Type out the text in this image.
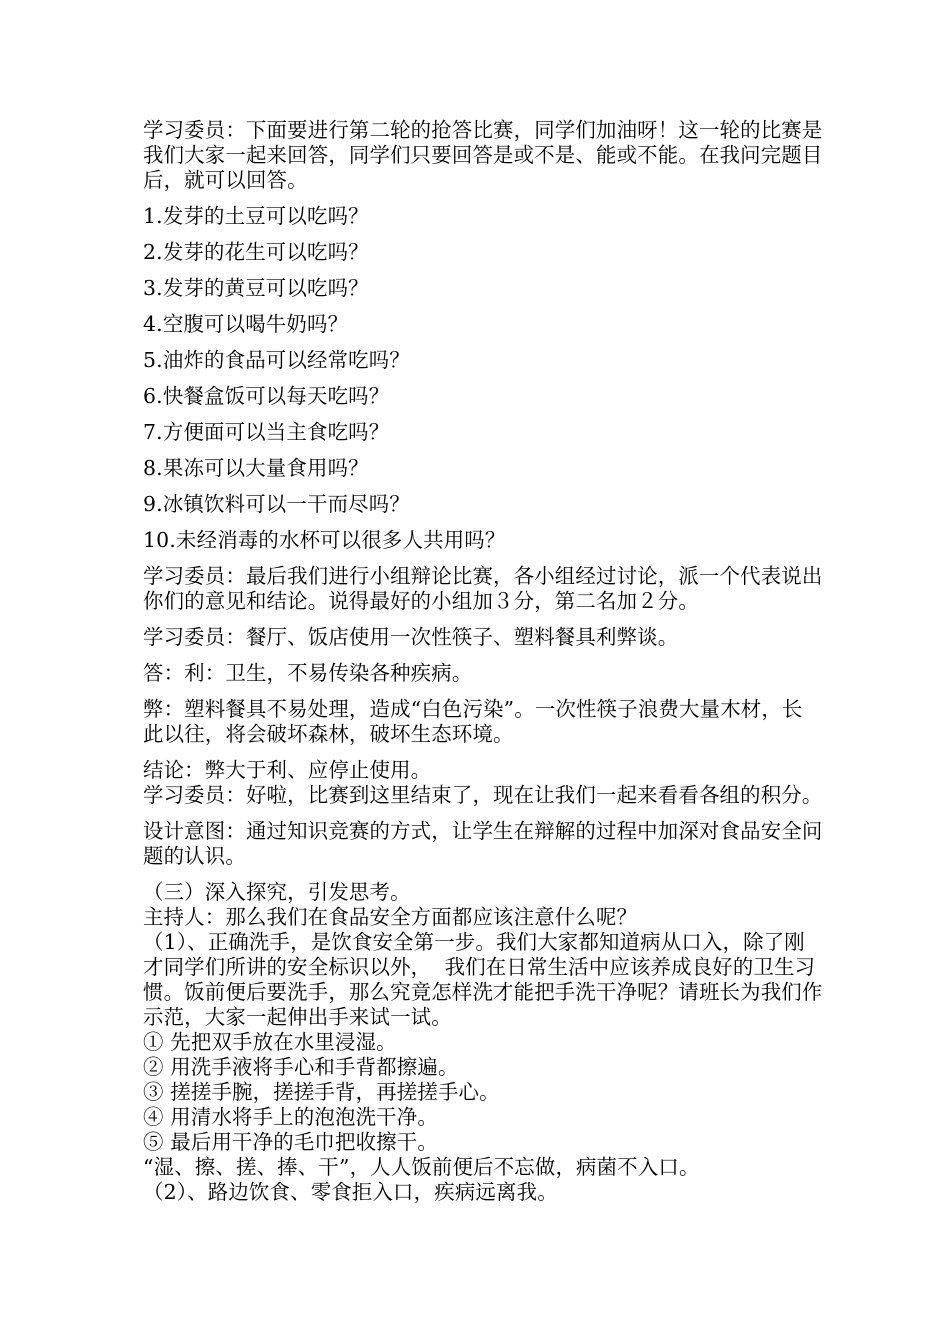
学习委员：下面要进行第二轮的抢答比赛，同学们加油呀！这一轮的比赛是我们大家一起来回答，同学们只要回答是或不是、能或不能。在我问完题目后，就可以回答。

1.发芽的土豆可以吃吗？

2.发芽的花生可以吃吗？

3.发芽的黄豆可以吃吗？

4.空腹可以喝牛奶吗？

5.油炸的食品可以经常吃吗？

6.快餐盒饭可以每天吃吗？

7.方便面可以当主食吃吗？

8.果冻可以大量食用吗？

9.冰镇饮料可以一干而尽吗？

10.未经消毒的水杯可以很多人共用吗？

学习委员：最后我们进行小组辩论比赛，各小组经过讨论，派一个代表说出你们的意见和结论。说得最好的小组加３分，第二名加２分。

学习委员：餐厅、饭店使用一次性筷子、塑料餐具利弊谈。

答：利：卫生，不易传染各种疾病。

弊：塑料餐具不易处理，造成“白色污染”。一次性筷子浪费大量木材，长此以往，将会破坏森林，破坏生态环境。

结论：弊大于利、应停止使用。

学习委员：好啦，比赛到这里结束了，现在让我们一起来看看各组的积分。

设计意图：通过知识竞赛的方式，让学生在辩解的过程中加深对食品安全问题的认识。

（三）深入探究，引发思考。

主持人：那么我们在食品安全方面都应该注意什么呢？

（1）、正确洗手，是饮食安全第一步。我们大家都知道病从口入，除了刚才同学们所讲的安全标识以外，  我们在日常生活中应该养成良好的卫生习惯。饭前便后要洗手，那么究竟怎样洗才能把手洗干净呢？请班长为我们作示范，大家一起伸出手来试一试。

① 先把双手放在水里浸湿。

② 用洗手液将手心和手背都擦遍。

③ 搓搓手腕，搓搓手背，再搓搓手心。

④ 用清水将手上的泡泡洗干净。

⑤ 最后用干净的毛巾把收擦干。

“湿、擦、搓、捧、干”，人人饭前便后不忘做，病菌不入口。

（2）、路边饮食、零食拒入口，疾病远离我。
